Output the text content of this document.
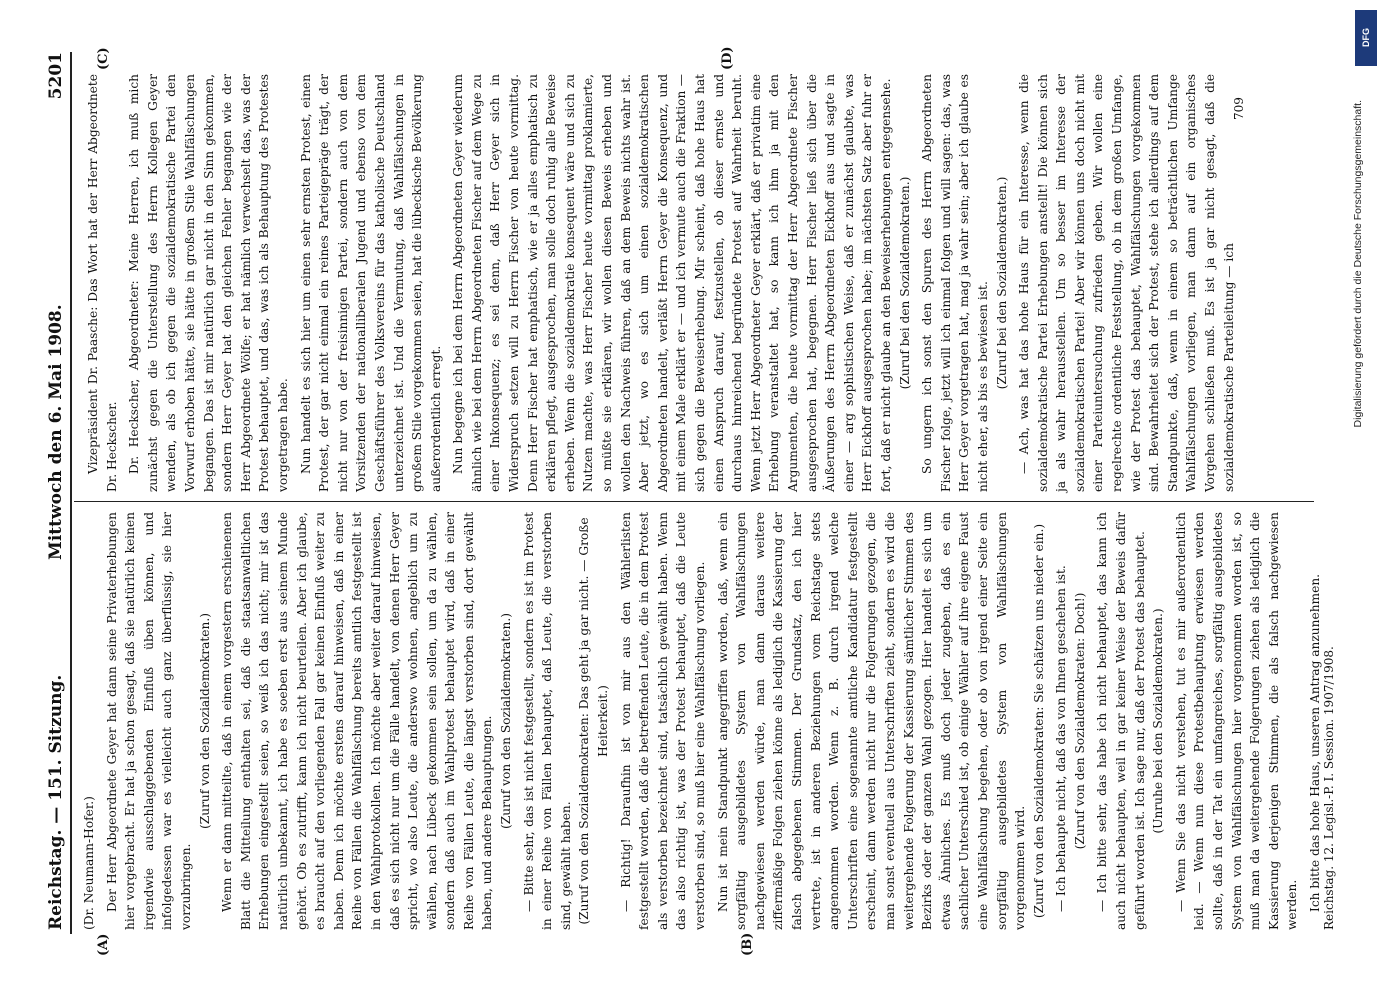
Reichstag. — 151. Sitzung.
Mittwoch den 6. Mai 1908.
5201
(A)	(B)
(C)	(D)

(Dr. Neumann-Hofer.) Der Herr Abgeordnete Geyer hat dann seine Privaterhebungen hier vorgebracht. Er hat ja schon gesagt, daß sie natürlich keinen irgendwie ausschlaggebenden Einfluß üben können, und infolgedessen war es vielleicht auch ganz überflüssig, sie hier vorzubringen.

(Zuruf von den Sozialdemokraten.) Wenn er dann mitteilte, daß in einem vorgestern erschienenen Blatt die Mitteilung enthalten sei, daß die staatsanwaltlichen Erhebungen eingestellt seien, so weiß ich das nicht; mir ist das natürlich unbekannt, ich habe es soeben erst aus seinem Munde gehört. Ob es zutrifft, kann ich nicht beurteilen. Aber ich glaube, es braucht auf den vorliegenden Fall gar keinen Einfluß weiter zu haben. Denn ich möchte erstens darauf hinweisen, daß in einer Reihe von Fällen die Wahlfälschung bereits amtlich festgestellt ist in den Wahlprotokollen. Ich möchte aber weiter darauf hinweisen, daß es sich nicht nur um die Fälle handelt, von denen Herr Geyer spricht, wo also Leute, die anderswo wohnen, angeblich um zu wählen, nach Lübeck gekommen sein sollen, um da zu wählen, sondern daß auch im Wahlprotest behauptet wird, daß in einer Reihe von Fällen Leute, die längst verstorben sind, dort gewählt haben, und andere Behauptungen. (Zuruf von den Sozialdemokraten.) — Bitte sehr, das ist nicht festgestellt, sondern es ist im Protest in einer Reihe von Fällen behauptet, daß Leute, die verstorben sind, gewählt haben. (Zuruf von den Sozialdemokraten: Das geht ja gar nicht. — Große Heiterkeit.) — Richtig! Daraufhin ist von mir aus den Wählerlisten festgestellt worden, daß die betreffenden Leute, die in dem Protest als verstorben bezeichnet sind, tatsächlich gewählt haben. Wenn das also richtig ist, was der Protest behauptet, daß die Leute verstorben sind, so muß hier eine Wahlfälschung vorliegen. Nun ist mein Standpunkt angegriffen worden, daß, wenn ein sorgfältig ausgebildetes System von Wahlfälschungen nachgewiesen werden würde, man dann daraus weitere ziffermäßige Folgen ziehen könne als lediglich die Kassierung der falsch abgegebenen Stimmen. Der Grundsatz, den ich hier vertrete, ist in anderen Beziehungen vom Reichstage stets angenommen worden. Wenn z. B. durch irgend welche Unterschriften eine sogenannte amtliche Kandidatur festgestellt erscheint, dann werden nicht nur die Folgerungen gezogen, die man sonst eventuell aus Unterschriften zieht, sondern es wird die weitergehende Folgerung der Kassierung sämtlicher Stimmen des Bezirks oder der ganzen Wahl gezogen. Hier handelt es sich um etwas Ähnliches. Es muß doch jeder zugeben, daß es ein sachlicher Unterschied ist, ob einige Wähler auf ihre eigene Faust eine Wahlfälschung begehen, oder ob von irgend einer Seite ein sorgfältig ausgebildetes System von Wahlfälschungen vorgenommen wird. (Zuruf von den Sozialdemokraten: Sie schätzen uns nieder ein.) — Ich behaupte nicht, daß das von Ihnen geschehen ist. (Zuruf von den Sozialdemokraten: Doch!) — Ich bitte sehr, das habe ich nicht behauptet, das kann ich auch nicht behaupten, weil in gar keiner Weise der Beweis dafür geführt worden ist. Ich sage nur, daß der Protest das behauptet. (Unruhe bei den Sozialdemokraten.) — Wenn Sie das nicht verstehen, tut es mir außerordentlich leid. — Wenn nun diese Protestbehauptung erwiesen werden sollte, daß in der Tat ein umfangreiches, sorgfältig ausgebildetes System von Wahlfälschungen hier vorgenommen worden ist, so muß man da weitergehende Folgerungen ziehen als lediglich die Kassierung derjenigen Stimmen, die als falsch nachgewiesen werden. Ich bitte das hohe Haus, unseren Antrag anzunehmen. Reichstag. 12. Legisl.-P. I. Session. 1907/1908.

Vizepräsident Dr. Paasche: Das Wort hat der Herr Abgeordnete Dr. Heckscher. Dr. Heckscher, Abgeordneter: Meine Herren, ich muß mich zunächst gegen die Unterstellung des Herrn Kollegen Geyer wenden, als ob ich gegen die sozialdemokratische Partei den Vorwurf erhoben hätte, sie hätte in großem Stile Wahlfälschungen begangen. Das ist mir natürlich gar nicht in den Sinn gekommen, sondern Herr Geyer hat den gleichen Fehler begangen wie der Herr Abgeordnete Wölfe; er hat nämlich verwechselt das, was der Protest behauptet, und das, was ich als Behauptung des Protestes vorgetragen habe. Nun handelt es sich hier um einen sehr ernsten Protest, einen Protest, der gar nicht einmal ein reines Parteigepräge trägt, der nicht nur von der freisinnigen Partei, sondern auch von dem Vorsitzenden der nationalliberalen Jugend und ebenso von dem Geschäftsführer des Volksvereins für das katholische Deutschland unterzeichnet ist. Und die Vermutung, daß Wahlfälschungen in großem Stile vorgekommen seien, hat die lübeckische Bevölkerung außerordentlich erregt. Nun begegne ich bei dem Herrn Abgeordneten Geyer wiederum ähnlich wie bei dem Herrn Abgeordneten Fischer auf dem Wege zu einer Inkonsequenz; es sei denn, daß Herr Geyer sich in Widerspruch setzen will zu Herrn Fischer von heute vormittag. Denn Herr Fischer hat emphatisch, wie er ja alles emphatisch zu erklären pflegt, ausgesprochen, man solle doch ruhig alle Beweise erheben. Wenn die sozialdemokratie konsequent wäre und sich zu Nutzen machte, was Herr Fischer heute vormittag proklamierte, so müßte sie erklären, wir wollen diesen Beweis erheben und wollen den Nachweis führen, daß an dem Beweis nichts wahr ist. Aber jetzt, wo es sich um einen sozialdemokratischen Abgeordneten handelt, verläßt Herrn Geyer die Konsequenz, und mit einem Male erklärt er — und ich vermute auch die Fraktion — sich gegen die Beweiserhebung. Mir scheint, daß hohe Haus hat einen Anspruch darauf, festzustellen, ob dieser ernste und durchaus hinreichend begründete Protest auf Wahrheit beruht. Wenn jetzt Herr Abgeordneter Geyer erklärt, daß er privatim eine Erhebung veranstaltet hat, so kann ich ihm ja mit den Argumenten, die heute vormittag der Herr Abgeordnete Fischer ausgesprochen hat, begegnen. Herr Fischer ließ sich über die Äußerungen des Herrn Abgeordneten Eickhoff aus und sagte in einer — arg sophistischen Weise, daß er zunächst glaubte, was Herr Eickhoff ausgesprochen habe; im nächsten Satz aber fuhr er fort, daß er nicht glaube an den Beweiserhebungen entgegensehe. (Zuruf bei den Sozialdemokraten.) So ungern ich sonst den Spuren des Herrn Abgeordneten Fischer folge, jetzt will ich einmal folgen und will sagen: das, was Herr Geyer vorgetragen hat, mag ja wahr sein; aber ich glaube es nicht eher, als bis es bewiesen ist. (Zuruf bei den Sozialdemokraten.) — Ach, was hat das hohe Haus für ein Interesse, wenn die sozialdemokratische Partei Erhebungen anstellt! Die können sich ja als wahr herausstellen. Um so besser im Interesse der sozialdemokratischen Partei! Aber wir können uns doch nicht mit einer Parteiuntersuchung zufrieden geben. Wir wollen eine regelrechte ordentliche Feststellung, ob in dem großen Umfange, wie der Protest das behauptet, Wahlfälschungen vorgekommen sind. Bewahrheitet sich der Protest, stehe ich allerdings auf dem Standpunkte, daß, wenn in einem so beträchtlichen Umfange Wahlfälschungen vorliegen, man dann auf ein organisches Vorgehen schließen muß. Es ist ja gar nicht gesagt, daß die sozialdemokratische Parteileitung — ich

709
DFG
Digitalisierung gefördert durch die Deutsche Forschungsgemeinschaft.
